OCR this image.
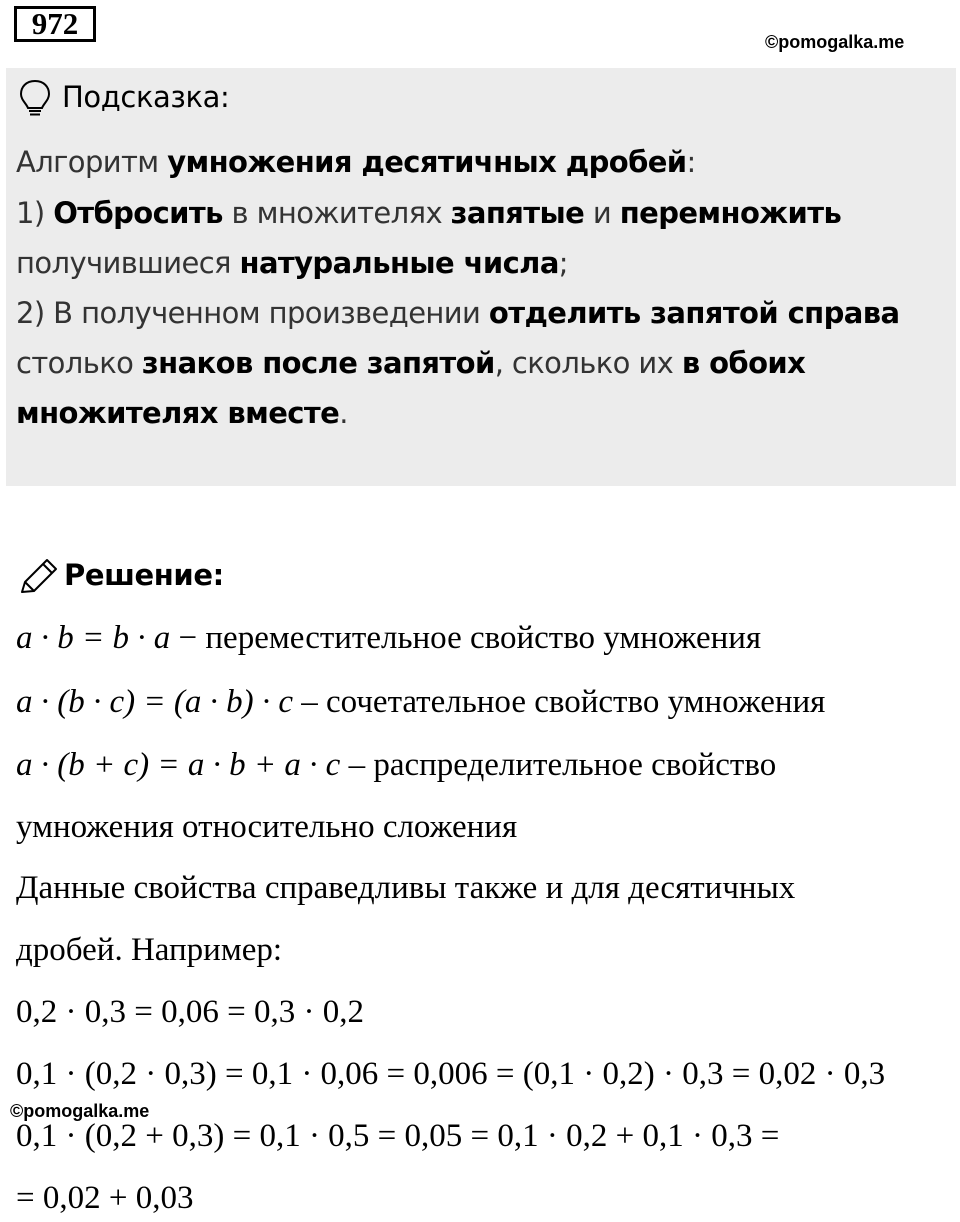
972
©pomogalka.me
Подсказка:
Алгоритм умножения десятичных дробей:
1) Отбросить в множителях запятые и перемножить
получившиеся натуральные числа;
2) В полученном произведении отделить запятой справа
столько знаков после запятой, сколько их в обоих
множителях вместе.
Решение:
a · b = b · a − переместительное свойство умножения
a · (b · c) = (a · b) · c – сочетательное свойство умножения
a · (b + c) = a · b + a · c – распределительное свойство
умножения относительно сложения
Данные свойства справедливы также и для десятичных
дробей. Например:
0,2 · 0,3 = 0,06 = 0,3 · 0,2
0,1 · (0,2 · 0,3) = 0,1 · 0,06 = 0,006 = (0,1 · 0,2) · 0,3 = 0,02 · 0,3
©pomogalka.me
0,1 · (0,2 + 0,3) = 0,1 · 0,5 = 0,05 = 0,1 · 0,2 + 0,1 · 0,3 =
= 0,02 + 0,03
